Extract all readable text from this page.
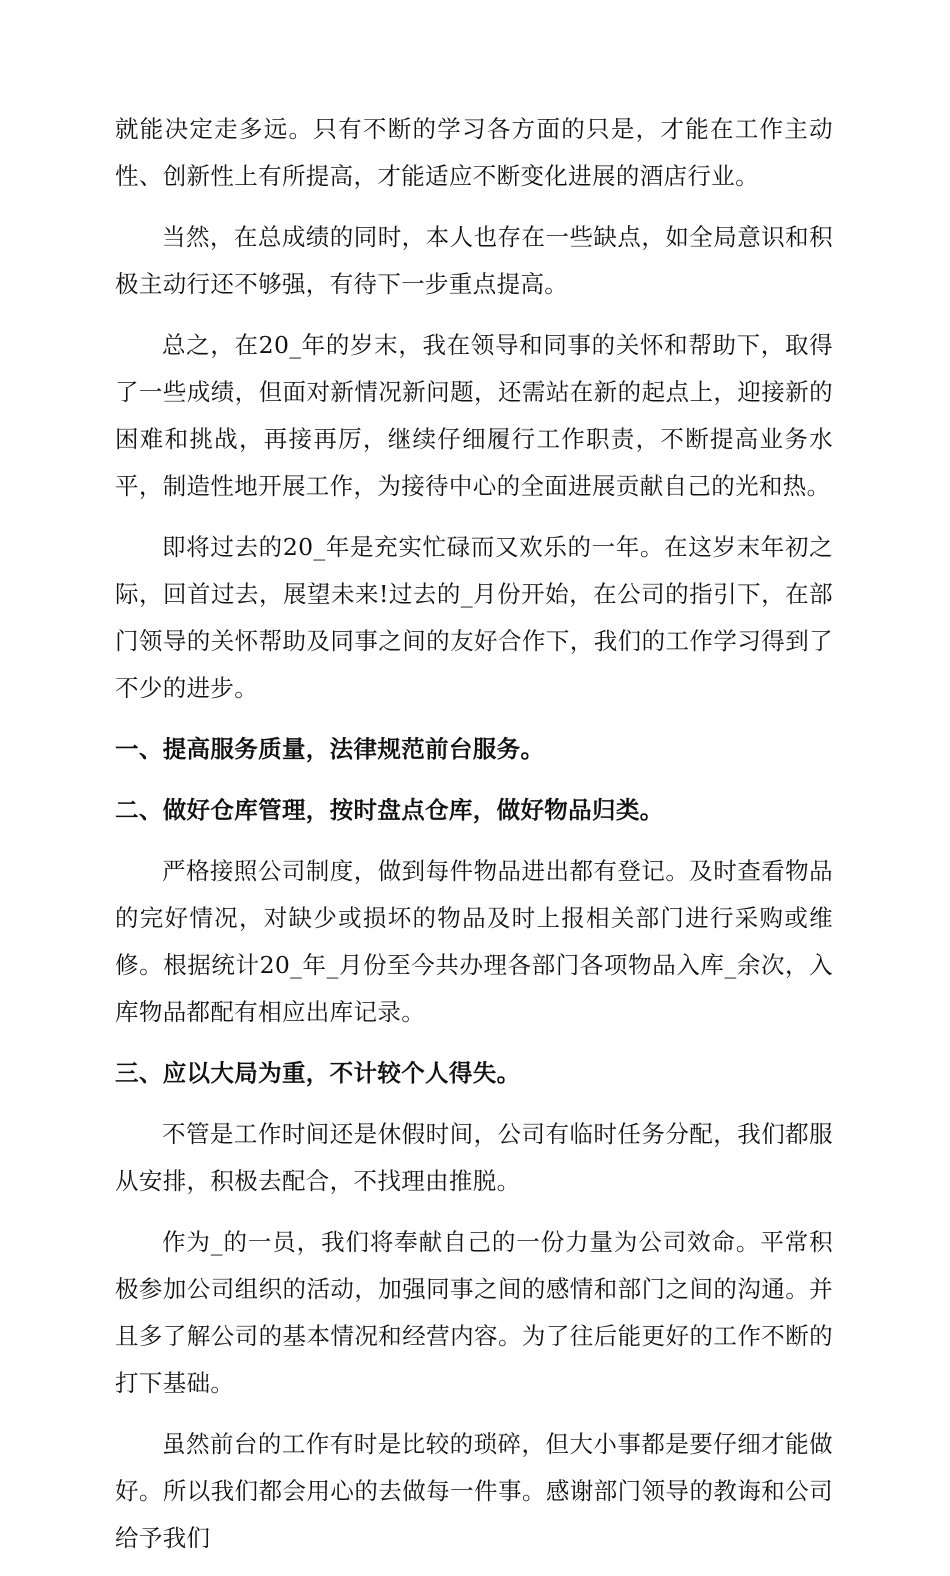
就能决定走多远。只有不断的学习各方面的只是，才能在工作主动性、创新性上有所提高，才能适应不断变化进展的酒店行业。

当然，在总成绩的同时，本人也存在一些缺点，如全局意识和积极主动行还不够强，有待下一步重点提高。

总之，在20_年的岁末，我在领导和同事的关怀和帮助下，取得了一些成绩，但面对新情况新问题，还需站在新的起点上，迎接新的困难和挑战，再接再厉，继续仔细履行工作职责，不断提高业务水平，制造性地开展工作，为接待中心的全面进展贡献自己的光和热。

即将过去的20_年是充实忙碌而又欢乐的一年。在这岁末年初之际，回首过去，展望未来!过去的_月份开始，在公司的指引下，在部门领导的关怀帮助及同事之间的友好合作下，我们的工作学习得到了不少的进步。

一、提高服务质量，法律规范前台服务。

二、做好仓库管理，按时盘点仓库，做好物品归类。

严格接照公司制度，做到每件物品进出都有登记。及时查看物品的完好情况，对缺少或损坏的物品及时上报相关部门进行采购或维修。根据统计20_年_月份至今共办理各部门各项物品入库_余次，入库物品都配有相应出库记录。

三、应以大局为重，不计较个人得失。

不管是工作时间还是休假时间，公司有临时任务分配，我们都服从安排，积极去配合，不找理由推脱。

作为_的一员，我们将奉献自己的一份力量为公司效命。平常积极参加公司组织的活动，加强同事之间的感情和部门之间的沟通。并且多了解公司的基本情况和经营内容。为了往后能更好的工作不断的打下基础。

虽然前台的工作有时是比较的琐碎，但大小事都是要仔细才能做好。所以我们都会用心的去做每一件事。感谢部门领导的教诲和公司给予我们
